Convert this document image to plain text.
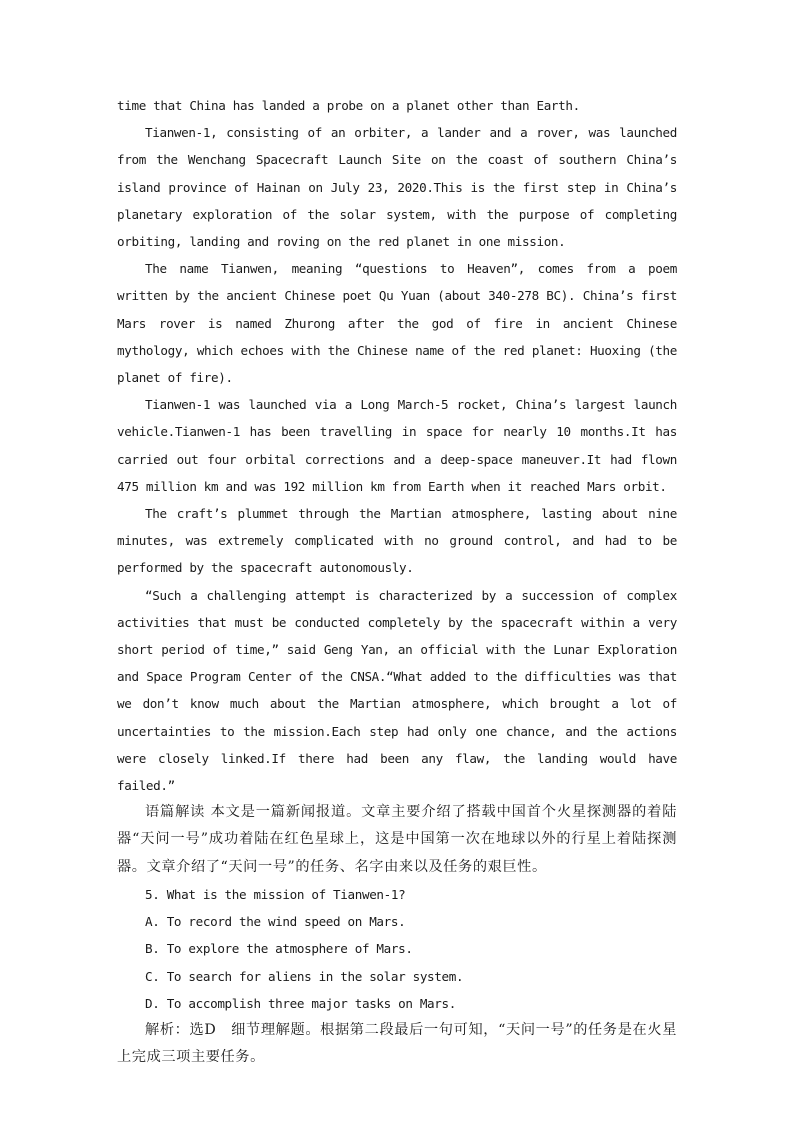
time that China has landed a probe on a planet other than Earth.

Tianwen-1, consisting of an orbiter, a lander and a rover, was launched from the Wenchang Spacecraft Launch Site on the coast of southern China’s island province of Hainan on July 23, 2020.This is the first step in China’s planetary exploration of the solar system, with the purpose of completing orbiting, landing and roving on the red planet in one mission.

The name Tianwen, meaning “questions to Heaven”, comes from a poem written by the ancient Chinese poet Qu Yuan (about 340-278 BC). China’s first Mars rover is named Zhurong after the god of fire in ancient Chinese mythology, which echoes with the Chinese name of the red planet: Huoxing (the planet of fire).

Tianwen-1 was launched via a Long March-5 rocket, China’s largest launch vehicle.Tianwen-1 has been travelling in space for nearly 10 months.It has carried out four orbital corrections and a deep-space maneuver.It had flown 475 million km and was 192 million km from Earth when it reached Mars orbit.

The craft’s plummet through the Martian atmosphere, lasting about nine minutes, was extremely complicated with no ground control, and had to be performed by the spacecraft autonomously.

“Such a challenging attempt is characterized by a succession of complex activities that must be conducted completely by the spacecraft within a very short period of time,” said Geng Yan, an official with the Lunar Exploration and Space Program Center of the CNSA.“What added to the difficulties was that we don’t know much about the Martian atmosphere, which brought a lot of uncertainties to the mission.Each step had only one chance, and the actions were closely linked.If there had been any flaw, the landing would have failed.”

语篇解读 本文是一篇新闻报道。文章主要介绍了搭载中国首个火星探测器的着陆器“天问一号”成功着陆在红色星球上，这是中国第一次在地球以外的行星上着陆探测器。文章介绍了“天问一号”的任务、名字由来以及任务的艰巨性。

5. What is the mission of Tianwen-1?

A. To record the wind speed on Mars.

B. To explore the atmosphere of Mars.

C. To search for aliens in the solar system.

D. To accomplish three major tasks on Mars.

解析：选D　细节理解题。根据第二段最后一句可知，“天问一号”的任务是在火星上完成三项主要任务。
